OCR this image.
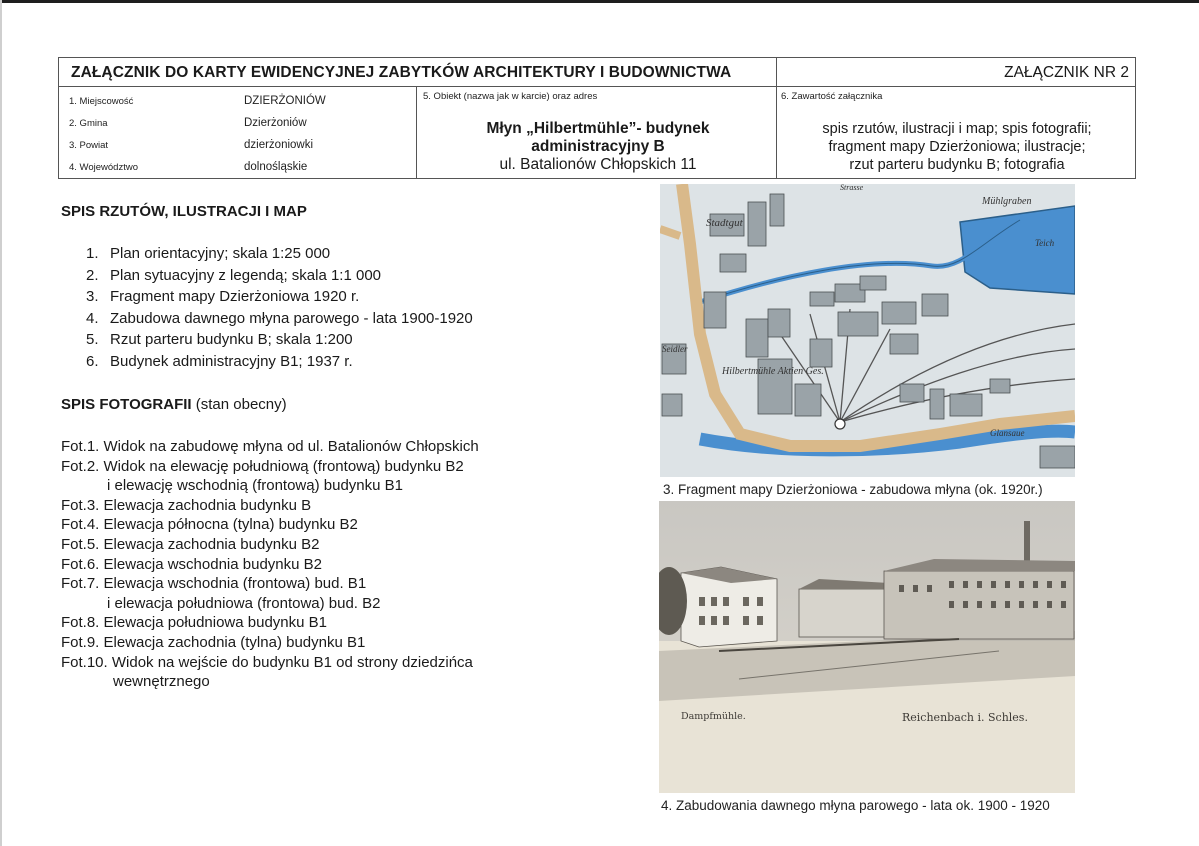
ZAŁĄCZNIK DO KARTY EWIDENCYJNEJ ZABYTKÓW ARCHITEKTURY I BUDOWNICTWA	ZAŁĄCZNIK NR 2
1. Miejscowość	DZIERŻONIÓW
2. Gmina	Dzierżoniów
3. Powiat	dzierżoniowki
4. Województwo	dolnośląskie
5. Obiekt (nazwa jak w karcie) oraz adres
Młyn „Hilbertmühle”- budynek
administracyjny B
ul. Batalionów Chłopskich 11
6. Zawartość załącznika
spis rzutów, ilustracji i map; spis fotografii;
fragment mapy Dzierżoniowa; ilustracje;
rzut parteru budynku B; fotografia
SPIS RZUTÓW, ILUSTRACJI I MAP
1. Plan orientacyjny; skala 1:25 000
2. Plan sytuacyjny z legendą; skala 1:1 000
3. Fragment mapy Dzierżoniowa 1920 r.
4. Zabudowa dawnego młyna parowego - lata 1900-1920
5. Rzut parteru budynku B; skala 1:200
6. Budynek administracyjny B1; 1937 r.
SPIS FOTOGRAFII (stan obecny)
Fot.1. Widok na zabudowę młyna od ul. Batalionów Chłopskich
Fot.2. Widok na elewację południową (frontową) budynku B2
i elewację wschodnią (frontową) budynku B1
Fot.3. Elewacja zachodnia budynku B
Fot.4. Elewacja północna (tylna) budynku B2
Fot.5. Elewacja zachodnia budynku B2
Fot.6. Elewacja wschodnia budynku B2
Fot.7. Elewacja wschodnia (frontowa) bud. B1
i elewacja południowa (frontowa) bud. B2
Fot.8. Elewacja południowa budynku B1
Fot.9. Elewacja zachodnia (tylna) budynku B1
Fot.10. Widok na wejście do budynku B1 od strony dziedzińca
wewnętrznego
Stadtgut
Mühlgraben
Teich
Hilbertmühle Aktien Ges.
Glansaue
Seidler
Strasse
3. Fragment mapy Dzierżoniowa - zabudowa młyna (ok. 1920r.)
Dampfmühle.	Reichenbach i. Schles.
4. Zabudowania dawnego młyna parowego - lata ok. 1900 - 1920
